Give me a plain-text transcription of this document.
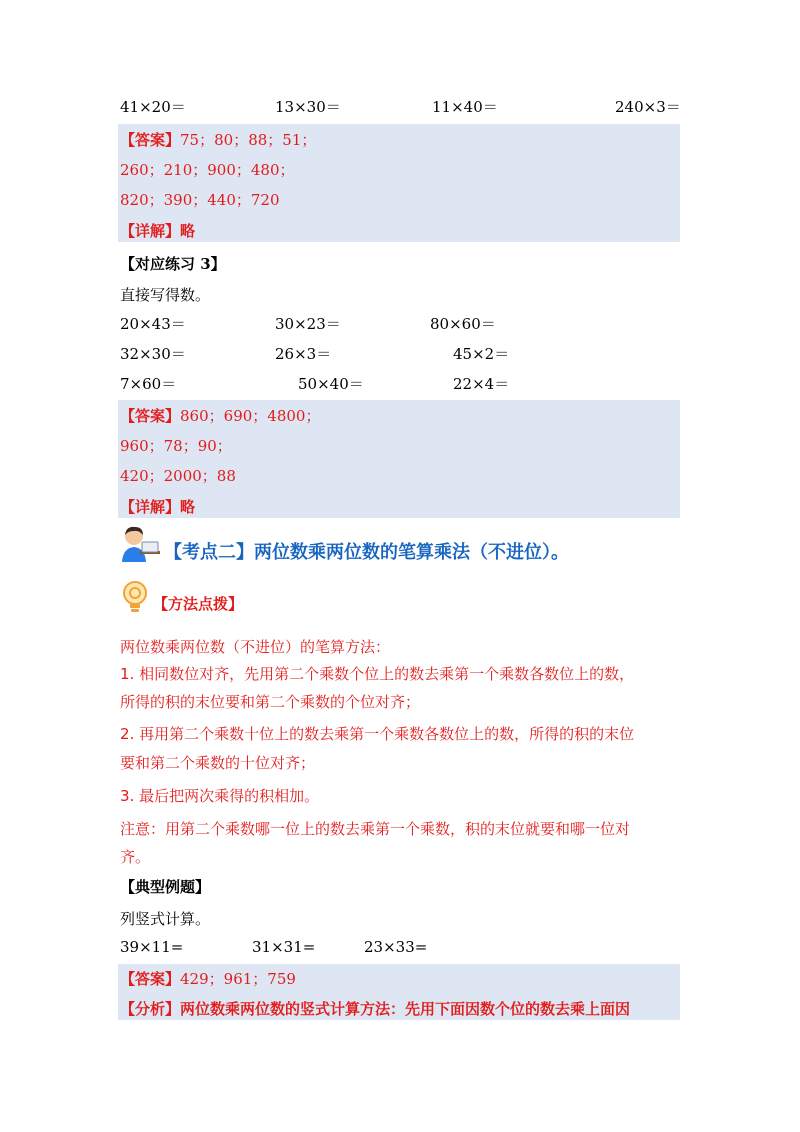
41×20＝	13×30＝	11×40＝	240×3＝
【答案】75；80；88；51；
260；210；900；480；
820；390；440；720
【详解】略
【对应练习 3】
直接写得数。
20×43＝	30×23＝	80×60＝
32×30＝	26×3＝	45×2＝
7×60＝	50×40＝	22×4＝
【答案】860；690；4800；
960；78；90；
420；2000；88
【详解】略
【考点二】两位数乘两位数的笔算乘法（不进位）。
【方法点拨】
两位数乘两位数（不进位）的笔算方法：
1. 相同数位对齐，先用第二个乘数个位上的数去乘第一个乘数各数位上的数，
所得的积的末位要和第二个乘数的个位对齐；
2. 再用第二个乘数十位上的数去乘第一个乘数各数位上的数，所得的积的末位
要和第二个乘数的十位对齐；
3. 最后把两次乘得的积相加。
注意：用第二个乘数哪一位上的数去乘第一个乘数，积的末位就要和哪一位对
齐。
【典型例题】
列竖式计算。
39×11=	31×31=	23×33=
【答案】429；961；759
【分析】两位数乘两位数的竖式计算方法：先用下面因数个位的数去乘上面因
